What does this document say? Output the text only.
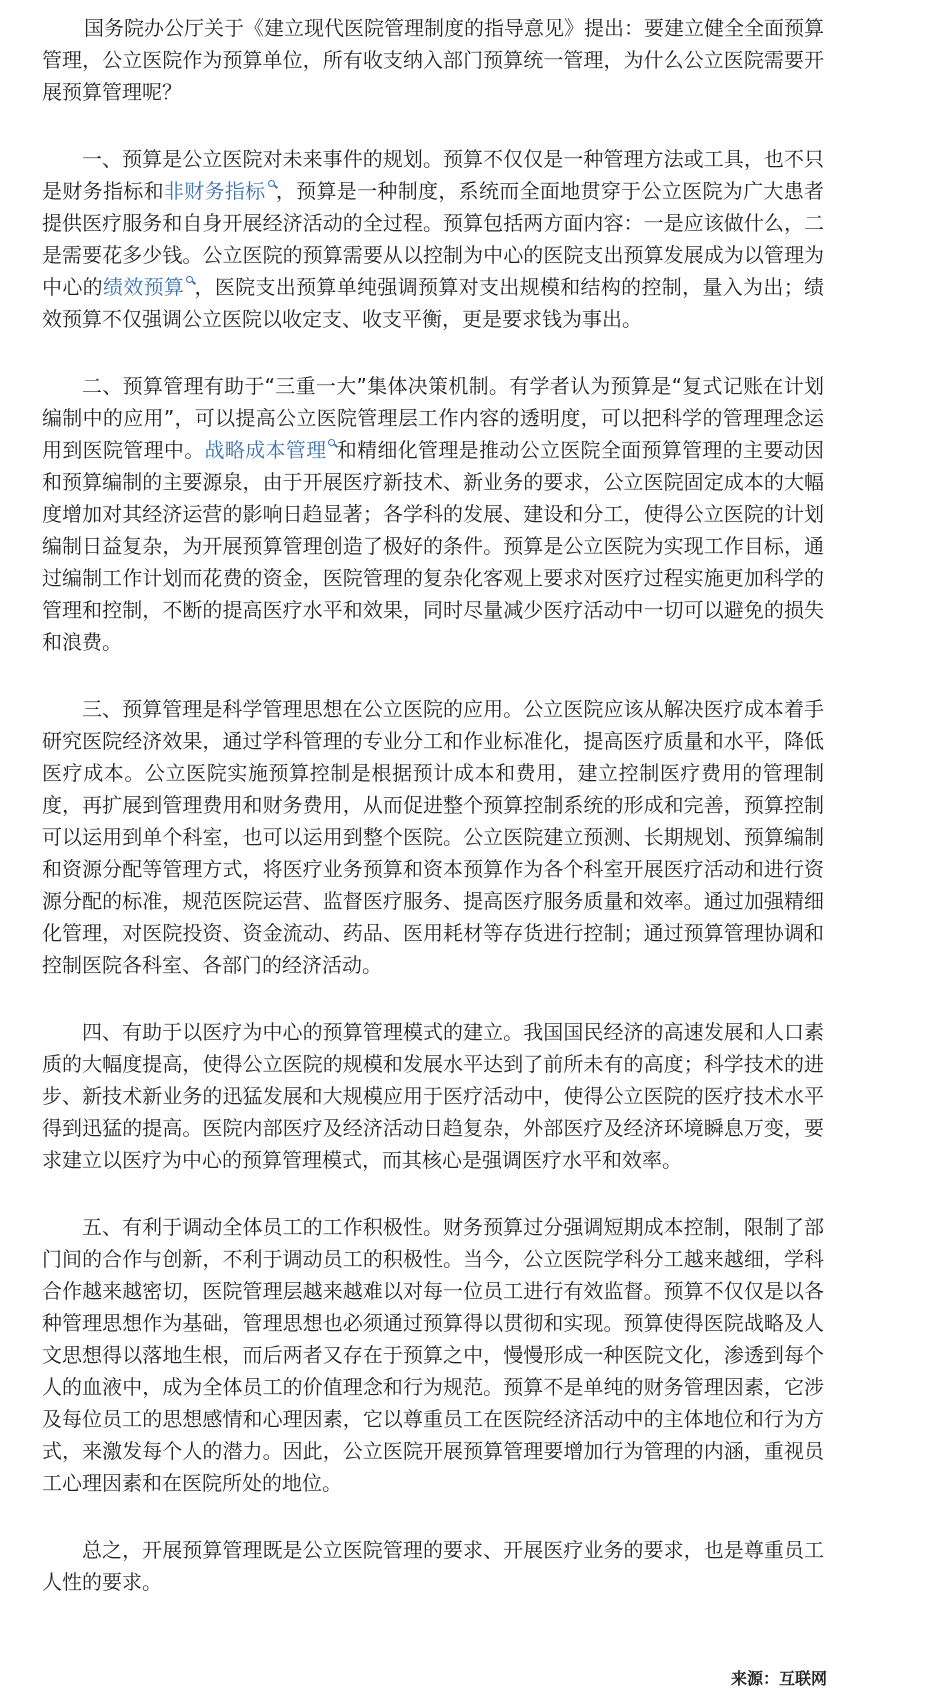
国务院办公厅关于《建立现代医院管理制度的指导意见》提出：要建立健全全面预算管理，公立医院作为预算单位，所有收支纳入部门预算统一管理，为什么公立医院需要开展预算管理呢？

一、预算是公立医院对未来事件的规划。预算不仅仅是一种管理方法或工具，也不只是财务指标和非财务指标 ，预算是一种制度，系统而全面地贯穿于公立医院为广大患者提供医疗服务和自身开展经济活动的全过程。预算包括两方面内容：一是应该做什么，二是需要花多少钱。公立医院的预算需要从以控制为中心的医院支出预算发展成为以管理为中心的绩效预算 ，医院支出预算单纯强调预算对支出规模和结构的控制，量入为出；绩效预算不仅强调公立医院以收定支、收支平衡，更是要求钱为事出。

二、预算管理有助于“三重一大”集体决策机制。有学者认为预算是“复式记账在计划编制中的应用”，可以提高公立医院管理层工作内容的透明度，可以把科学的管理理念运用到医院管理中。战略成本管理 和精细化管理是推动公立医院全面预算管理的主要动因和预算编制的主要源泉，由于开展医疗新技术、新业务的要求，公立医院固定成本的大幅度增加对其经济运营的影响日趋显著；各学科的发展、建设和分工，使得公立医院的计划编制日益复杂，为开展预算管理创造了极好的条件。预算是公立医院为实现工作目标，通过编制工作计划而花费的资金，医院管理的复杂化客观上要求对医疗过程实施更加科学的管理和控制，不断的提高医疗水平和效果，同时尽量减少医疗活动中一切可以避免的损失和浪费。

三、预算管理是科学管理思想在公立医院的应用。公立医院应该从解决医疗成本着手研究医院经济效果，通过学科管理的专业分工和作业标准化，提高医疗质量和水平，降低医疗成本。公立医院实施预算控制是根据预计成本和费用，建立控制医疗费用的管理制度，再扩展到管理费用和财务费用，从而促进整个预算控制系统的形成和完善，预算控制可以运用到单个科室，也可以运用到整个医院。公立医院建立预测、长期规划、预算编制和资源分配等管理方式，将医疗业务预算和资本预算作为各个科室开展医疗活动和进行资源分配的标准，规范医院运营、监督医疗服务、提高医疗服务质量和效率。通过加强精细化管理，对医院投资、资金流动、药品、医用耗材等存货进行控制；通过预算管理协调和控制医院各科室、各部门的经济活动。

四、有助于以医疗为中心的预算管理模式的建立。我国国民经济的高速发展和人口素质的大幅度提高，使得公立医院的规模和发展水平达到了前所未有的高度；科学技术的进步、新技术新业务的迅猛发展和大规模应用于医疗活动中，使得公立医院的医疗技术水平得到迅猛的提高。医院内部医疗及经济活动日趋复杂，外部医疗及经济环境瞬息万变，要求建立以医疗为中心的预算管理模式，而其核心是强调医疗水平和效率。

五、有利于调动全体员工的工作积极性。财务预算过分强调短期成本控制，限制了部门间的合作与创新，不利于调动员工的积极性。当今，公立医院学科分工越来越细，学科合作越来越密切，医院管理层越来越难以对每一位员工进行有效监督。预算不仅仅是以各种管理思想作为基础，管理思想也必须通过预算得以贯彻和实现。预算使得医院战略及人文思想得以落地生根，而后两者又存在于预算之中，慢慢形成一种医院文化，渗透到每个人的血液中，成为全体员工的价值理念和行为规范。预算不是单纯的财务管理因素，它涉及每位员工的思想感情和心理因素，它以尊重员工在医院经济活动中的主体地位和行为方式，来激发每个人的潜力。因此，公立医院开展预算管理要增加行为管理的内涵，重视员工心理因素和在医院所处的地位。

总之，开展预算管理既是公立医院管理的要求、开展医疗业务的要求，也是尊重员工人性的要求。

来源：互联网
